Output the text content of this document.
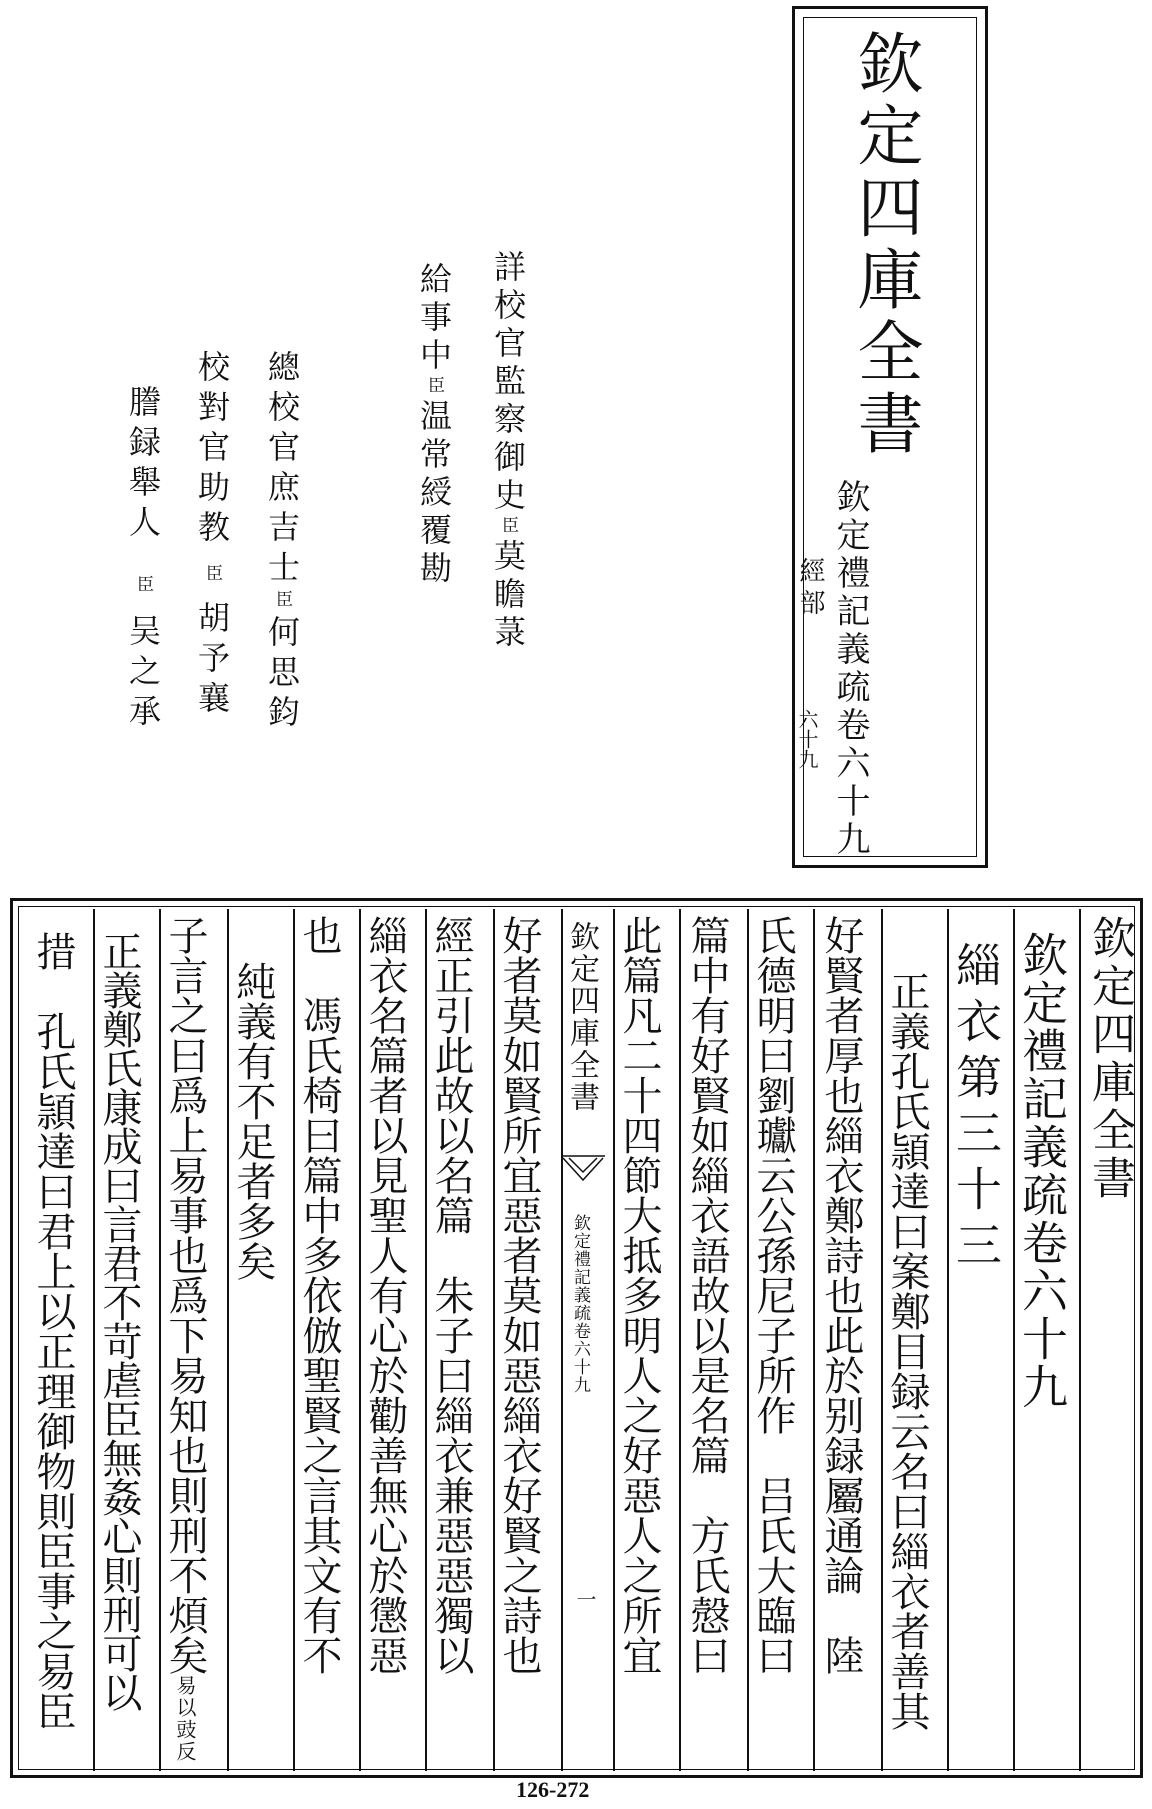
欽定四庫全書
欽定禮記義疏卷六十九
經部
六十九
詳校官監察御史臣莫瞻菉
給事中臣温常綬覆勘
總校官庶吉士臣何思鈞
校對官助教臣胡予襄
謄録舉人臣吴之承
欽定四庫全書
欽定禮記義疏卷六十九
緇衣第三十三
正義孔氏頴達曰案鄭目録云名曰緇衣者善其
好賢者厚也緇衣鄭詩也此於别録屬通論　陸
氏德明曰劉瓛云公孫尼子所作　吕氏大臨曰
篇中有好賢如緇衣語故以是名篇　方氏慤曰
此篇凡二十四節大抵多明人之好惡人之所宜
欽定四庫全書
欽定禮記義疏卷六十九
一
好者莫如賢所宜惡者莫如惡緇衣好賢之詩也
經正引此故以名篇　朱子曰緇衣兼惡惡獨以
緇衣名篇者以見聖人有心於勸善無心於懲惡
也　馮氏椅曰篇中多依倣聖賢之言其文有不
純義有不足者多矣
子言之曰爲上易事也爲下易知也則刑不煩矣易以豉反
正義鄭氏康成曰言君不苛虐臣無姦心則刑可以
措　孔氏頴達曰君上以正理御物則臣事之易臣
126-272
